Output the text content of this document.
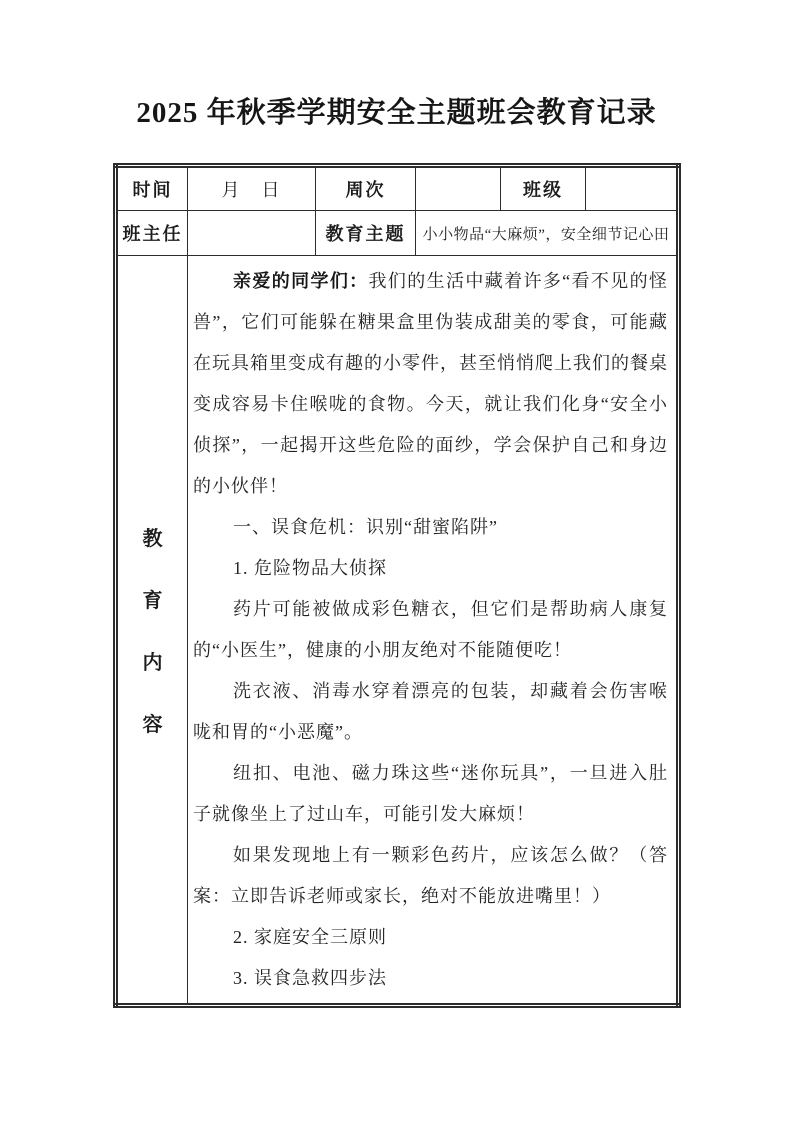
2025 年秋季学期安全主题班会教育记录
时间	月　日	周次		班级	
班主任		教育主题	小小物品“大麻烦”，安全细节记心田		

教
育
内
容

亲爱的同学们：我们的生活中藏着许多“看不见的怪兽”，它们可能躲在糖果盒里伪装成甜美的零食，可能藏在玩具箱里变成有趣的小零件，甚至悄悄爬上我们的餐桌变成容易卡住喉咙的食物。今天，就让我们化身“安全小侦探”，一起揭开这些危险的面纱，学会保护自己和身边的小伙伴！

一、误食危机：识别“甜蜜陷阱”

1. 危险物品大侦探

药片可能被做成彩色糖衣，但它们是帮助病人康复的“小医生”，健康的小朋友绝对不能随便吃！

洗衣液、消毒水穿着漂亮的包装，却藏着会伤害喉咙和胃的“小恶魔”。

纽扣、电池、磁力珠这些“迷你玩具”，一旦进入肚子就像坐上了过山车，可能引发大麻烦！

如果发现地上有一颗彩色药片，应该怎么做？（答案：立即告诉老师或家长，绝对不能放进嘴里！）

2. 家庭安全三原则

3. 误食急救四步法
